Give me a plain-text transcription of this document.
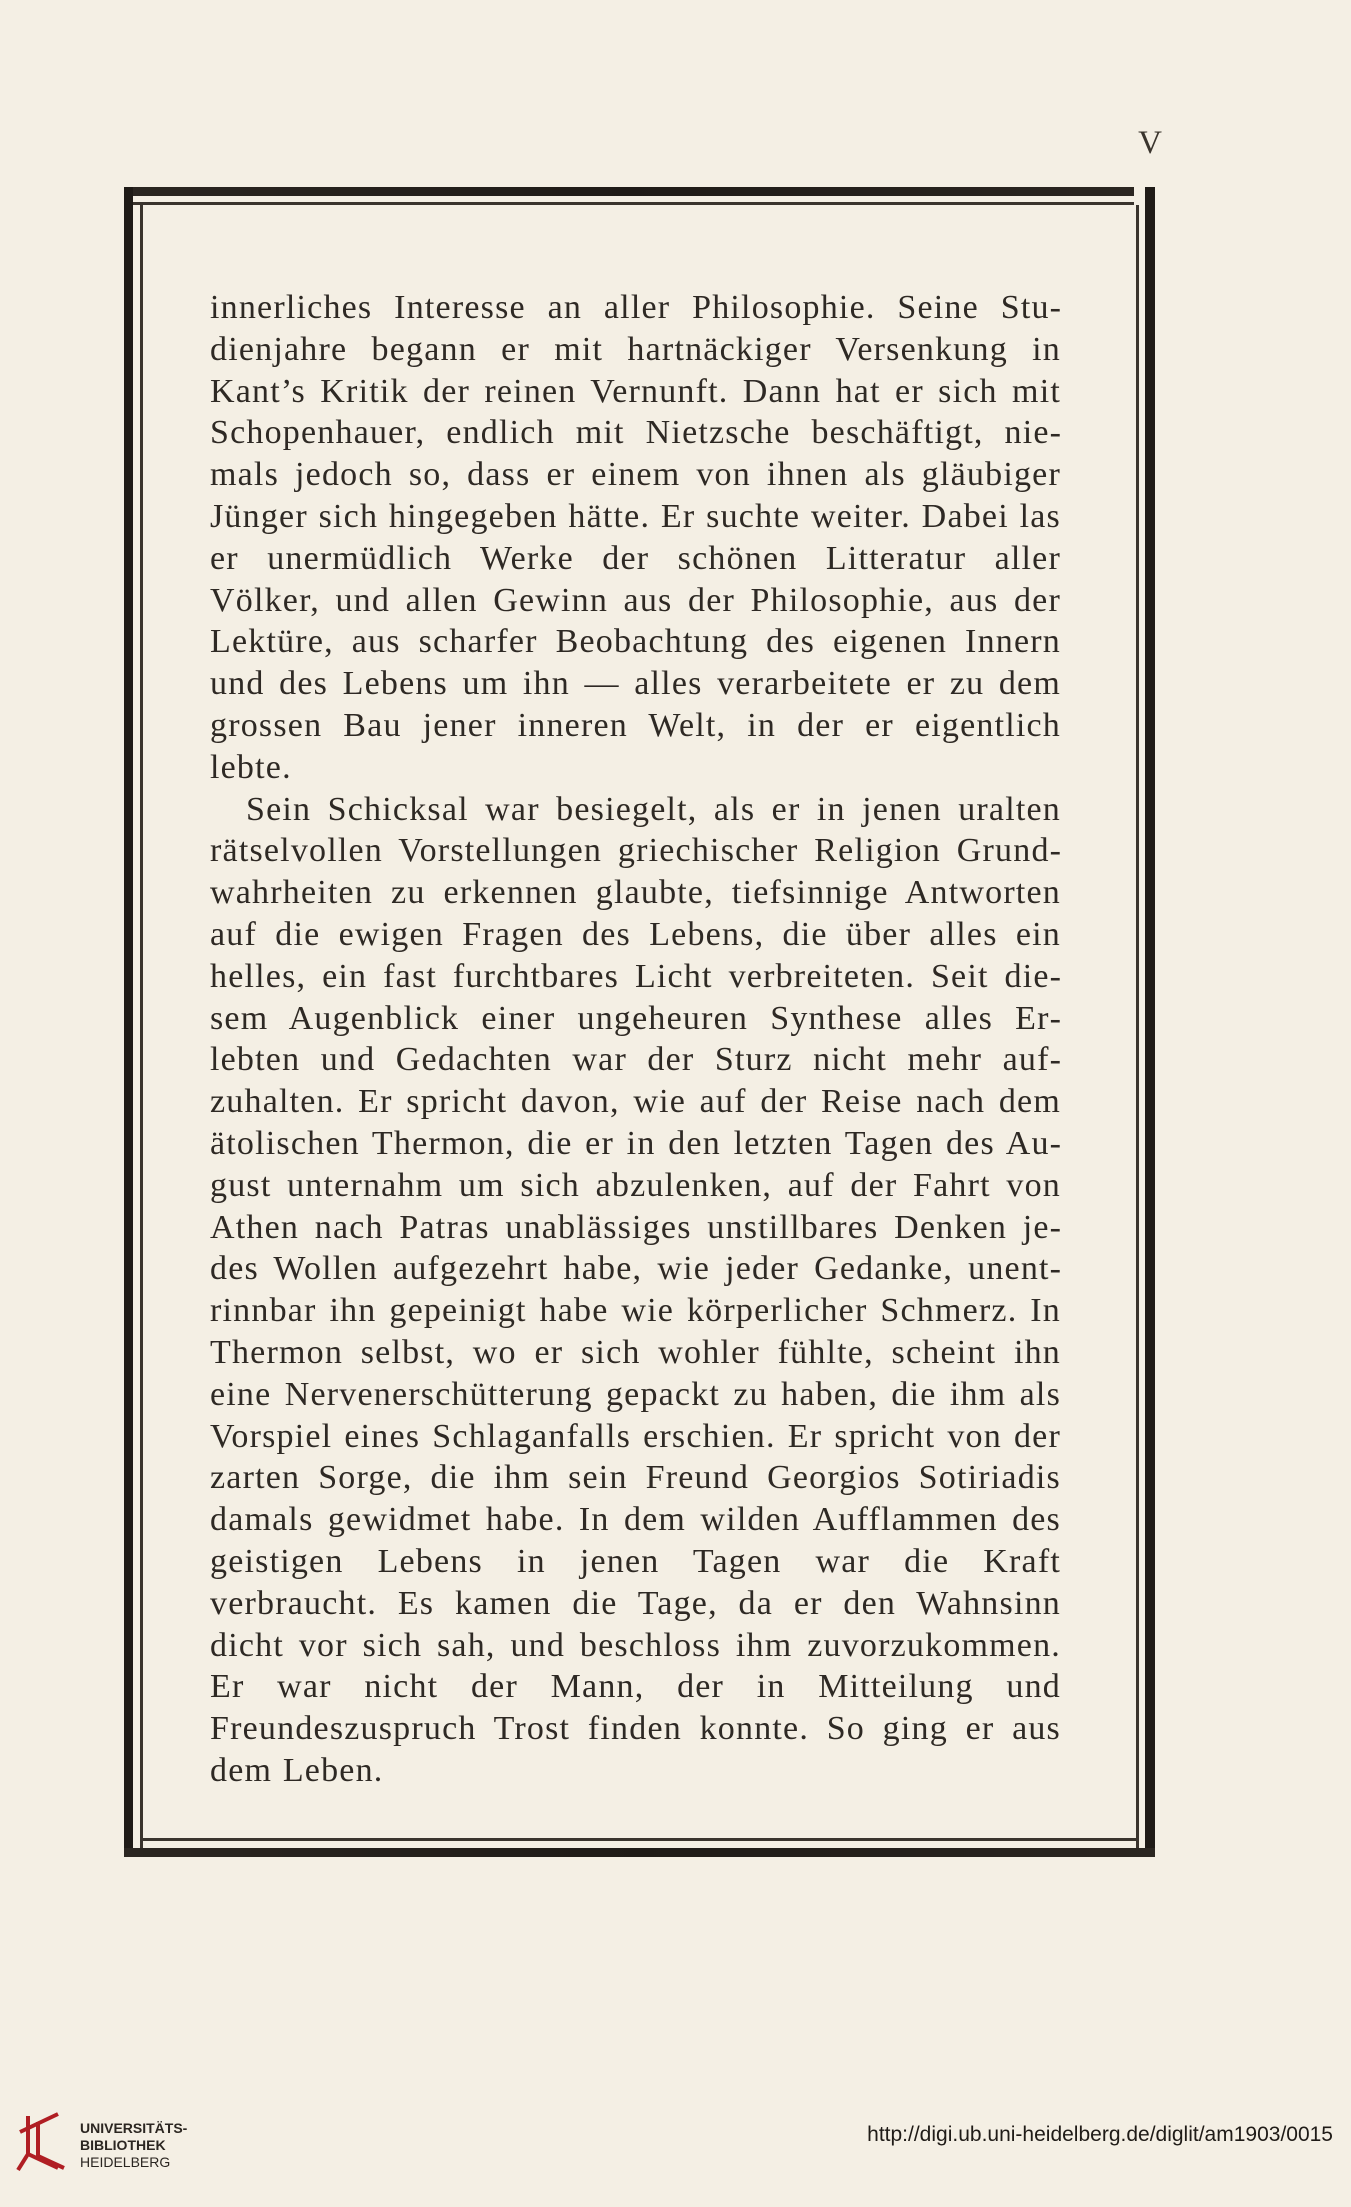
V

innerliches Interesse an aller Philosophie. Seine Studienjahre begann er mit hartnäckiger Versenkung in Kant’s Kritik der reinen Vernunft. Dann hat er sich mit Schopenhauer, endlich mit Nietzsche beschäftigt, niemals jedoch so, dass er einem von ihnen als gläubiger Jünger sich hingegeben hätte. Er suchte weiter. Dabei las er unermüdlich Werke der schönen Litteratur aller Völker, und allen Gewinn aus der Philosophie, aus der Lektüre, aus scharfer Beobachtung des eigenen Innern und des Lebens um ihn — alles verarbeitete er zu dem grossen Bau jener inneren Welt, in der er eigentlich lebte.

Sein Schicksal war besiegelt, als er in jenen uralten rätselvollen Vorstellungen griechischer Religion Grundwahrheiten zu erkennen glaubte, tiefsinnige Antworten auf die ewigen Fragen des Lebens, die über alles ein helles, ein fast furchtbares Licht verbreiteten. Seit diesem Augenblick einer ungeheuren Synthese alles Erlebten und Gedachten war der Sturz nicht mehr aufzuhalten. Er spricht davon, wie auf der Reise nach dem ätolischen Thermon, die er in den letzten Tagen des August unternahm um sich abzulenken, auf der Fahrt von Athen nach Patras unablässiges unstillbares Denken jedes Wollen aufgezehrt habe, wie jeder Gedanke, unentrinnbar ihn gepeinigt habe wie körperlicher Schmerz. In Thermon selbst, wo er sich wohler fühlte, scheint ihn eine Nervenerschütterung gepackt zu haben, die ihm als Vorspiel eines Schlaganfalls erschien. Er spricht von der zarten Sorge, die ihm sein Freund Georgios Sotiriadis damals gewidmet habe. In dem wilden Aufflammen des geistigen Lebens in jenen Tagen war die Kraft verbraucht. Es kamen die Tage, da er den Wahnsinn dicht vor sich sah, und beschloss ihm zuvorzukommen. Er war nicht der Mann, der in Mitteilung und Freundeszuspruch Trost finden konnte. So ging er aus dem Leben.

UNIVERSITÄTS-
BIBLIOTHEK
HEIDELBERG
http://digi.ub.uni-heidelberg.de/diglit/am1903/0015
